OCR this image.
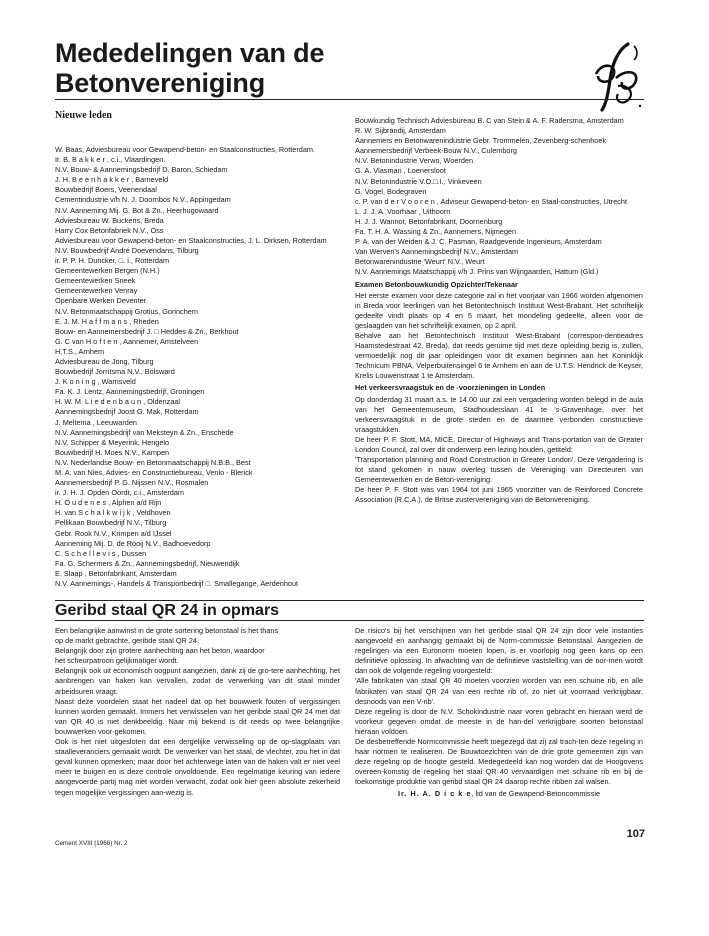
Mededelingen van de
Betonvereniging
Nieuwe leden

W. Baas, Adviesbureau voor Gewapend-beton- en Staalconstructies, Rotterdam.

Ir. B. B a k k e r , c.i., Vlaardingen.

N.V. Bouw- & Aannemingsbedrijf D. Baron, Schiedam

J. H. B e e n h a k k e r , Barneveld

Bouwbedrijf Boers, Veenendaal

Cementindustrie v/h N. J. Doornbos N.V., Appingedam

N.V. Aanneming Mij. G. Bot & Zn., Heerhugowaard

Adviesbureau W. Buckens, Breda

Harry Cox Betonfabriek N.V., Oss

Adviesbureau voor Gewapend-beton- en Staalconstructies, J. L. Dirksen, Rotterdam

N.V. Bouwbedrijf André Doevendans, Tilburg

ir. P. P. H. Duncker, □. i., Rotterdam

Gemeentewerken Bergen (N.H.)

Gemeentewerken Sneek

Gemeentewerken Venray

Openbare Werken Deventer

N.V. Betonmaatschappij Grotius, Gorinchem

E. J. M. H a f f m a n s , Rheden

Bouw- en Aannemersbedrijf J. □ Heddes & Zn., Berkhout

G. C van H o f t e n , Aannemer, Amstelveen

H.T.S., Arnhem

Adviesbureau de Jong, Tilburg

Bouwbedrijf Jorritsma N.V., Bolsward

J. K o n i n g , Warnsveld

Fa. K. J. Lentz, Aannemingsbedrijf, Groningen

H. W. M. L i e d e n b a u n , Oldenzaal

Aannemingsbedrijf Joost G. Mak, Rotterdam

J. Meltema , Leeuwarden

N.V. Aannemingsbedrijf van Meksteyn & Zn., Enschede

N.V. Schipper & Meyerink, Hengelo

Bouwbedrijf H. Moes N.V., Kampen

N.V. Nederlandse Bouw- en Betonmaatschappij N.B.B., Best

M. A. van Nies, Advies- en Constructiebureau, Venlo - Blerick

Aannemersbedrijf P. G. Nijssen N.V., Rosmalen

ir. J. H. J. Opden Oordt, c.i., Amsterdam

H. O u d e n e s , Alphen a/d Rijn

H. van S c h a l k w i j k , Veldhoven

Pellikaan Bouwbedrijf N.V., Tilburg

Gebr. Rook N.V., Krimpen a/d IJssel

Aanneming Mij. D. de Rooij N.V., Badhoevedorp

C. S c h e l l e v i s , Dussen

Fa. G. Schermers & Zn., Aannemingsbedrijf, Nieuwendijk

E. Slaap , Betonfabrikant, Amsterdam

N.V. Aannemings-, Handels & Transportbedrijf □. Smallegange, Aerdenhout

Bouwkundig Technisch Adviesbureau B. C van Stein & A. F. Radersma, Amsterdam

R. W. Sijbrandij, Amsterdam

Aannemers en Betonwarenindustrie Gebr. Trommelen, Zevenberg-schenhoek

Aannemersbedrijf Verbeek-Bouw N.V., Culemborg

N.V. Betonindustrie Verwo, Woerden

G. A. Vlasman , Loenersloot

N.V. Betonindustrie V.O.□.I., Vinkeveen

G. Vogel, Bodegraven

c. P. van d e r V o o r e n , Adviseur Gewapend-beton- en Staal-constructies, Utrecht

L. J. J. A. Voorhaar , Uithoorn

H. J. J. Wannot, Betonfabrikant, Doornenburg

Fa. T. H. A. Wassing & Zn., Aannemers, Nijmegen

P. A. van der Weiden & J. C. Pasman, Raadgevende Ingenieurs, Amsterdam

Van Werven's Aannemingsbedrijf N.V., Amsterdam

Betonwarenindustrie 'Weurt' N.V., Weurt

N.V. Aannemings Maatschappij v/h J. Prins van Wijngaarden, Hattum (Gld.)

Examen Betonbouwkundig Opzichter/Tekenaar

Het eerste examen voor deze categorie zal in het voorjaar van 1966 worden afgenomen in Breda voor leerlingen van het Betontechnisch Instituut West-Brabant. Het schriftelijk gedeelte vindt plaats op 4 en 5 maart, het mondeling gedeelte, alleen voor de geslaagden van het schriftelijk examen, op 2 april.

Behalve aan het Betontechnisch Instituut West-Brabant (correspon-dentieadres Haamstedestraat 42, Breda), dat reeds geruime tijd met deze opleiding bezig is, zullen, vermoedelijk nog dit jaar opleidingen voor dit examen beginnen aan het Koninklijk Technicum PBNA, Velperbuitensingel 6 te Arnhem en aan de U.T.S. Hendrick de Keyser, Krelis Louwenstraat 1 te Amsterdam.

Het verkeersvraagstuk en de -voorzieningen in Londen

Op donderdag 31 maart a.s. te 14.00 uur zal een vergadering worden belegd in de aula van het Gemeentemuseum, Stadhouderslaan 41 te 's-Gravenhage, over het verkeersvraagstuk in de grote steden en de daarmee verbonden constructieve vraagstukken.

De heer P. F. Stott, MA, MICE, Director of Highways and Trans-portation van de Greater London Council, zal over dit onderwerp een lezing houden, getiteld:

'Transportation planning and Road Construction in Greater London'. Deze vergadering is tot stand gekomen in nauw overleg tussen de Vereniging van Directeuren van Gemeentewerken en de Beton-vereniging.

De heer P. F. Stott was van 1964 tot juni 1965 voorzitter van de Reinforced Concrete Association (R.C.A.), de Britse zustervereniging van de Betonvereniging.

Geribd staal QR 24 in opmars

Een belangrijke aanwinst in de grote sortering betonstaal is het thans

op de markt gebrachte, geribde staal QR 24.

Belangrijk door zijn grotere aanhechting aan het beton, waardoor

het scheurpatroon gelijkmatiger wordt.

Belangrijk ook uit economisch oogpunt aangezien, dank zij de gro-tere aanhechting, het aanbrengen van haken kan vervallen, zodat de verwerking van dit staal minder arbeidsuren vraagt.

Naast deze voordelen staat het nadeel dat op het bouwwerk fouten of vergissingen kunnen worden gemaakt. Immers het verwisselen van het geribde staal QR 24 met dat van QR 40 is niet denkbeeldig. Naar mij bekend is dit reeds op twee belangrijke bouwwerken voor-gekomen.

Ook is het niet uitgesloten dat een dergelijke verwisseling op de op-slagplaats van staalleveranciers gemaakt wordt. De verwerker van het staal, de vlechter, zou het in dat geval kunnen opmerken; maar door het achterwege laten van de haken valt er niet veel meer te buigen en is deze controle onvoldoende. Een regelmatige keuring van iedere aangevoerde partij mag niet worden verwacht, zodat ook hier geen absolute zekerheid tegen mogelijke vergissingen aan-wezig is.

De risico's bij het verschijnen van het geribde staal QR 24 zijn door vele instanties aangevoeld en aanhangig gemaakt bij de Norm-commissie Betonstaal. Aangezien de regelingen via een Euronorm moeten lopen, is er voorlopig nog geen kans op een definitieve oplossing. In afwachting van de definitieve vaststelling van de nor-men wordt dan ook de volgende regeling voorgesteld:

'Alle fabrikaten van staal QR 40 moeten voorzien worden van een schuine rib, en alle fabrikaten van staal QR 24 van een rechte rib of, zo niet uit voorraad verkrijgbaar, desnoods van een V-rib'.

Deze regeling is door de N.V. Schokindustrie naar voren gebracht en hieraan werd de voorkeur gegeven omdat de meeste in de han-del verkrijgbare soorten betonstaal hieraan voldoen.

De desbetreffende Normcommissie heeft toegezegd dat zij zal trach-ten deze regeling in haar normen te realiseren. De Bouwtoezichten van de drie grote gemeenten zijn van deze regeling op de hoogte gesteld. Medegedeeld kan nog worden dat de Hoogovens overeen-komstig de regeling het staal QR 40 vervaardigen met schuine rib en bij de toekomstige produktie van geribd staal QR 24 daarop rechte ribben zal walsen.

Ir. H. A. D i c k e, lid van de Gewapend-Betoncommissie

107
Cement XVIII (1966) Nr. 2
